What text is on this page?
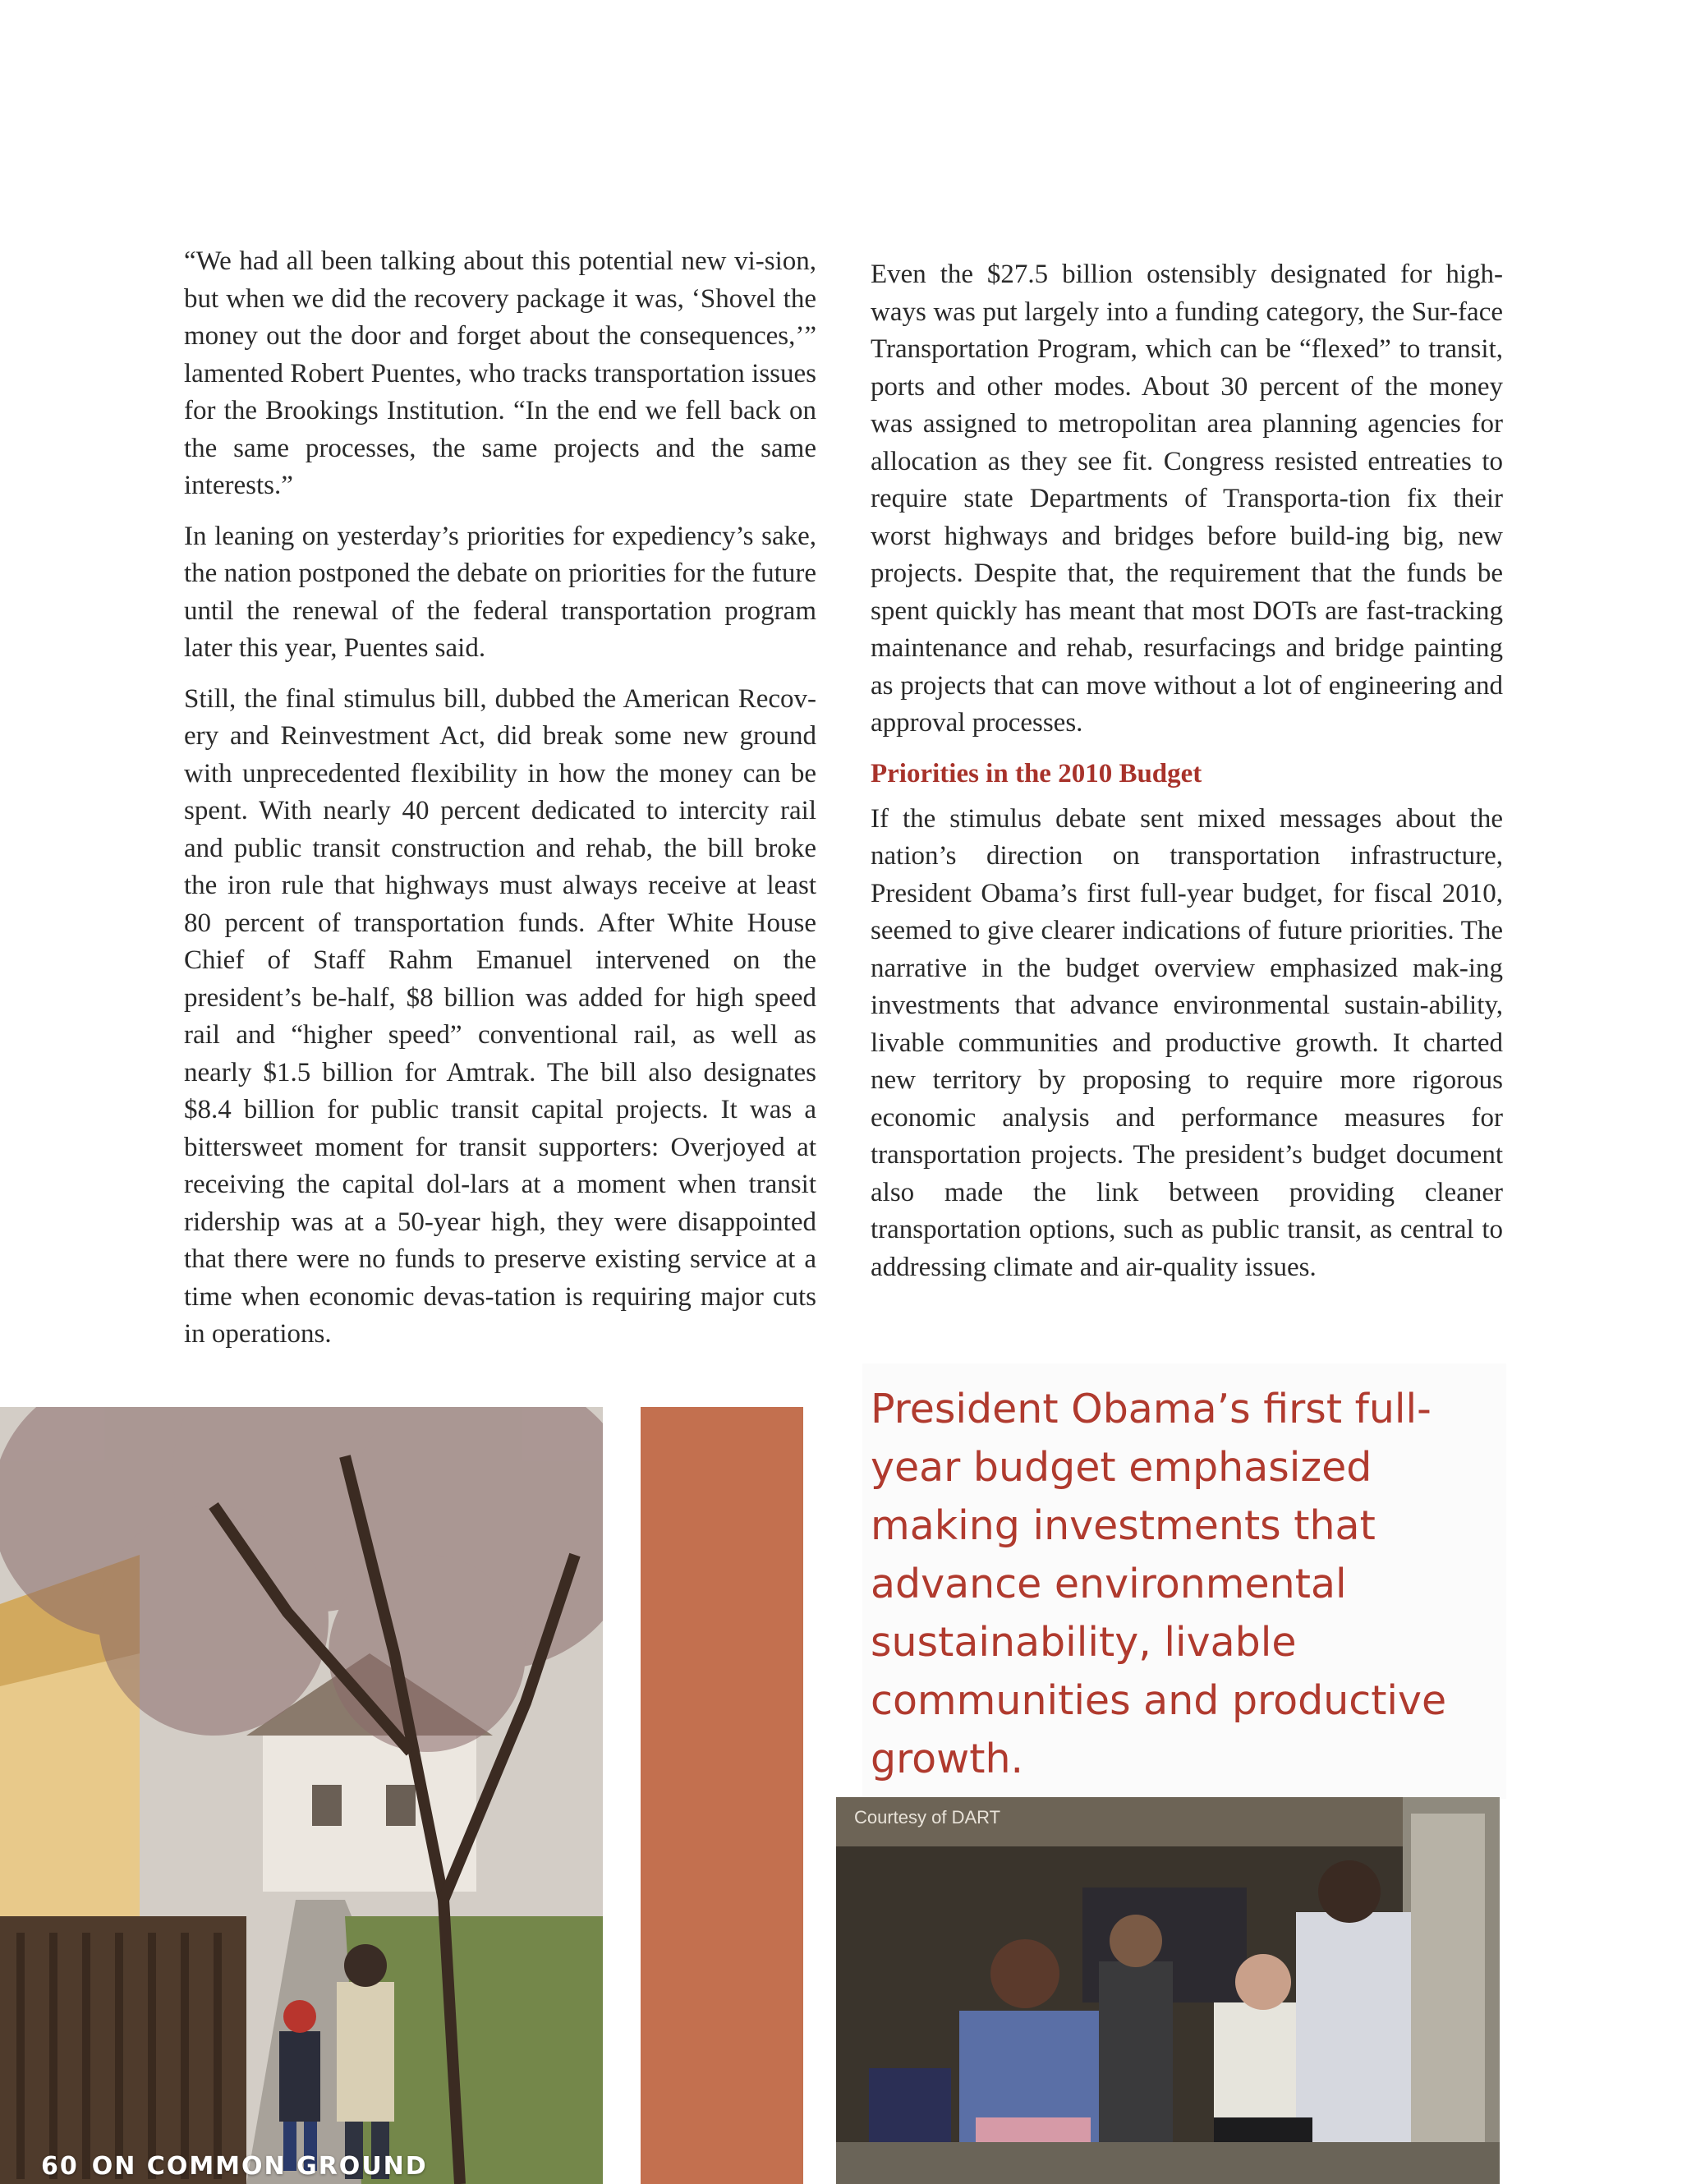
“We had all been talking about this potential new vi-sion, but when we did the recovery package it was, ‘Shovel the money out the door and forget about the consequences,’” lamented Robert Puentes, who tracks transportation issues for the Brookings Institution. “In the end we fell back on the same processes, the same projects and the same interests.”

In leaning on yesterday’s priorities for expediency’s sake, the nation postponed the debate on priorities for the future until the renewal of the federal transportation program later this year, Puentes said.

Still, the final stimulus bill, dubbed the American Recov-ery and Reinvestment Act, did break some new ground with unprecedented flexibility in how the money can be spent. With nearly 40 percent dedicated to intercity rail and public transit construction and rehab, the bill broke the iron rule that highways must always receive at least 80 percent of transportation funds. After White House Chief of Staff Rahm Emanuel intervened on the president’s be-half, $8 billion was added for high speed rail and “higher speed” conventional rail, as well as nearly $1.5 billion for Amtrak. The bill also designates $8.4 billion for public transit capital projects. It was a bittersweet moment for transit supporters: Overjoyed at receiving the capital dol-lars at a moment when transit ridership was at a 50-year high, they were disappointed that there were no funds to preserve existing service at a time when economic devas-tation is requiring major cuts in operations.

Even the $27.5 billion ostensibly designated for high-ways was put largely into a funding category, the Sur-face Transportation Program, which can be “flexed” to transit, ports and other modes. About 30 percent of the money was assigned to metropolitan area planning agencies for allocation as they see fit. Congress resisted entreaties to require state Departments of Transporta-tion fix their worst highways and bridges before build-ing big, new projects. Despite that, the requirement that the funds be spent quickly has meant that most DOTs are fast-tracking maintenance and rehab, resurfacings and bridge painting as projects that can move without a lot of engineering and approval processes.

Priorities in the 2010 Budget

If the stimulus debate sent mixed messages about the nation’s direction on transportation infrastructure, President Obama’s first full-year budget, for fiscal 2010, seemed to give clearer indications of future priorities. The narrative in the budget overview emphasized mak-ing investments that advance environmental sustain-ability, livable communities and productive growth. It charted new territory by proposing to require more rigorous economic analysis and performance measures for transportation projects. The president’s budget document also made the link between providing cleaner transportation options, such as public transit, as central to addressing climate and air-quality issues.

President Obama’s first full-year budget emphasized making investments that advance environmental sustainability, livable communities and productive growth.

Courtesy of DART
60 ON COMMON GROUND
